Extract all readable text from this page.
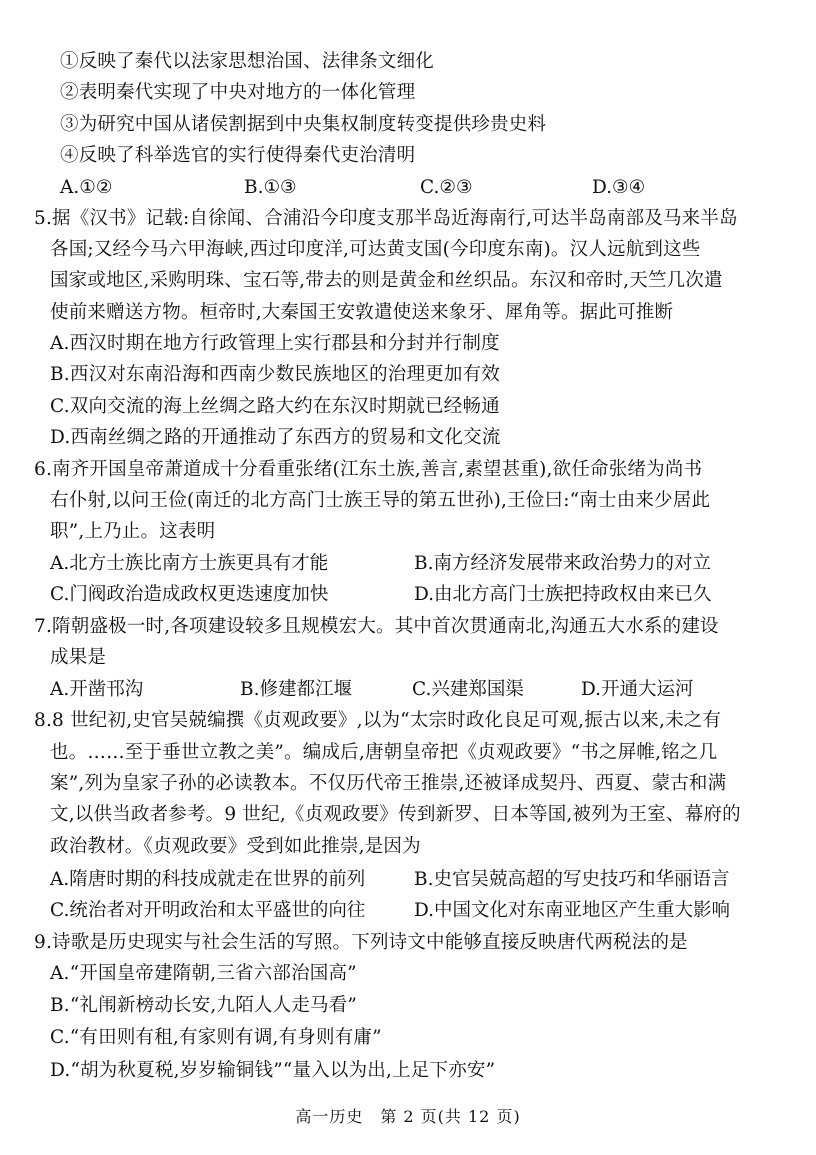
①反映了秦代以法家思想治国、法律条文细化
②表明秦代实现了中央对地方的一体化管理
③为研究中国从诸侯割据到中央集权制度转变提供珍贵史料
④反映了科举选官的实行使得秦代吏治清明
A.①②	B.①③	C.②③	D.③④
5.据《汉书》记载:自徐闻、合浦沿今印度支那半岛近海南行,可达半岛南部及马来半岛
各国;又经今马六甲海峡,西过印度洋,可达黄支国(今印度东南)。汉人远航到这些
国家或地区,采购明珠、宝石等,带去的则是黄金和丝织品。东汉和帝时,天竺几次遣
使前来赠送方物。桓帝时,大秦国王安敦遣使送来象牙、犀角等。据此可推断
A.西汉时期在地方行政管理上实行郡县和分封并行制度
B.西汉对东南沿海和西南少数民族地区的治理更加有效
C.双向交流的海上丝绸之路大约在东汉时期就已经畅通
D.西南丝绸之路的开通推动了东西方的贸易和文化交流
6.南齐开国皇帝萧道成十分看重张绪(江东土族,善言,素望甚重),欲任命张绪为尚书
右仆射,以问王俭(南迁的北方高门士族王导的第五世孙),王俭曰:“南士由来少居此
职”,上乃止。这表明
A.北方士族比南方士族更具有才能	B.南方经济发展带来政治势力的对立
C.门阀政治造成政权更迭速度加快	D.由北方高门士族把持政权由来已久
7.隋朝盛极一时,各项建设较多且规模宏大。其中首次贯通南北,沟通五大水系的建设
成果是
A.开凿邗沟	B.修建都江堰	C.兴建郑国渠	D.开通大运河
8.8 世纪初,史官吴兢编撰《贞观政要》,以为“太宗时政化良足可观,振古以来,未之有
也。……至于垂世立教之美”。编成后,唐朝皇帝把《贞观政要》“书之屏帷,铭之几
案”,列为皇家子孙的必读教本。不仅历代帝王推崇,还被译成契丹、西夏、蒙古和满
文,以供当政者参考。9 世纪,《贞观政要》传到新罗、日本等国,被列为王室、幕府的
政治教材。《贞观政要》受到如此推崇,是因为
A.隋唐时期的科技成就走在世界的前列	B.史官吴兢高超的写史技巧和华丽语言
C.统治者对开明政治和太平盛世的向往	D.中国文化对东南亚地区产生重大影响
9.诗歌是历史现实与社会生活的写照。下列诗文中能够直接反映唐代两税法的是
A.“开国皇帝建隋朝,三省六部治国高”
B.“礼闱新榜动长安,九陌人人走马看”
C.“有田则有租,有家则有调,有身则有庸”
D.“胡为秋夏税,岁岁输铜钱”“量入以为出,上足下亦安”
高一历史　第 2 页(共 12 页)
